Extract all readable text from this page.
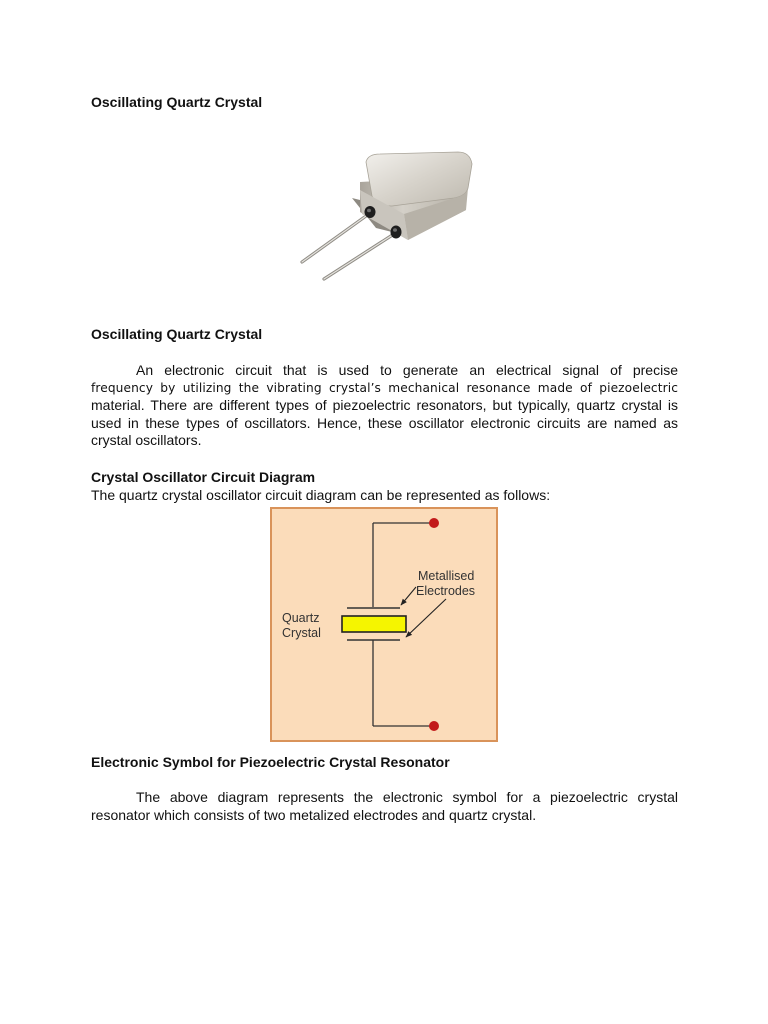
Oscillating Quartz Crystal
Oscillating Quartz Crystal
An electronic circuit that is used to generate an electrical signal of precise
frequency by utilizing the vibrating crystal’s mechanical resonance made of piezoelectric
material. There are different types of piezoelectric resonators, but typically, quartz crystal is used in these types of oscillators. Hence, these oscillator electronic circuits are named as crystal oscillators.
Crystal Oscillator Circuit Diagram

The quartz crystal oscillator circuit diagram can be represented as follows:

Metallised
Electrodes
Quartz
Crystal
Electronic Symbol for Piezoelectric Crystal Resonator
The above diagram represents the electronic symbol for a piezoelectric crystal resonator which consists of two metalized electrodes and quartz crystal.
